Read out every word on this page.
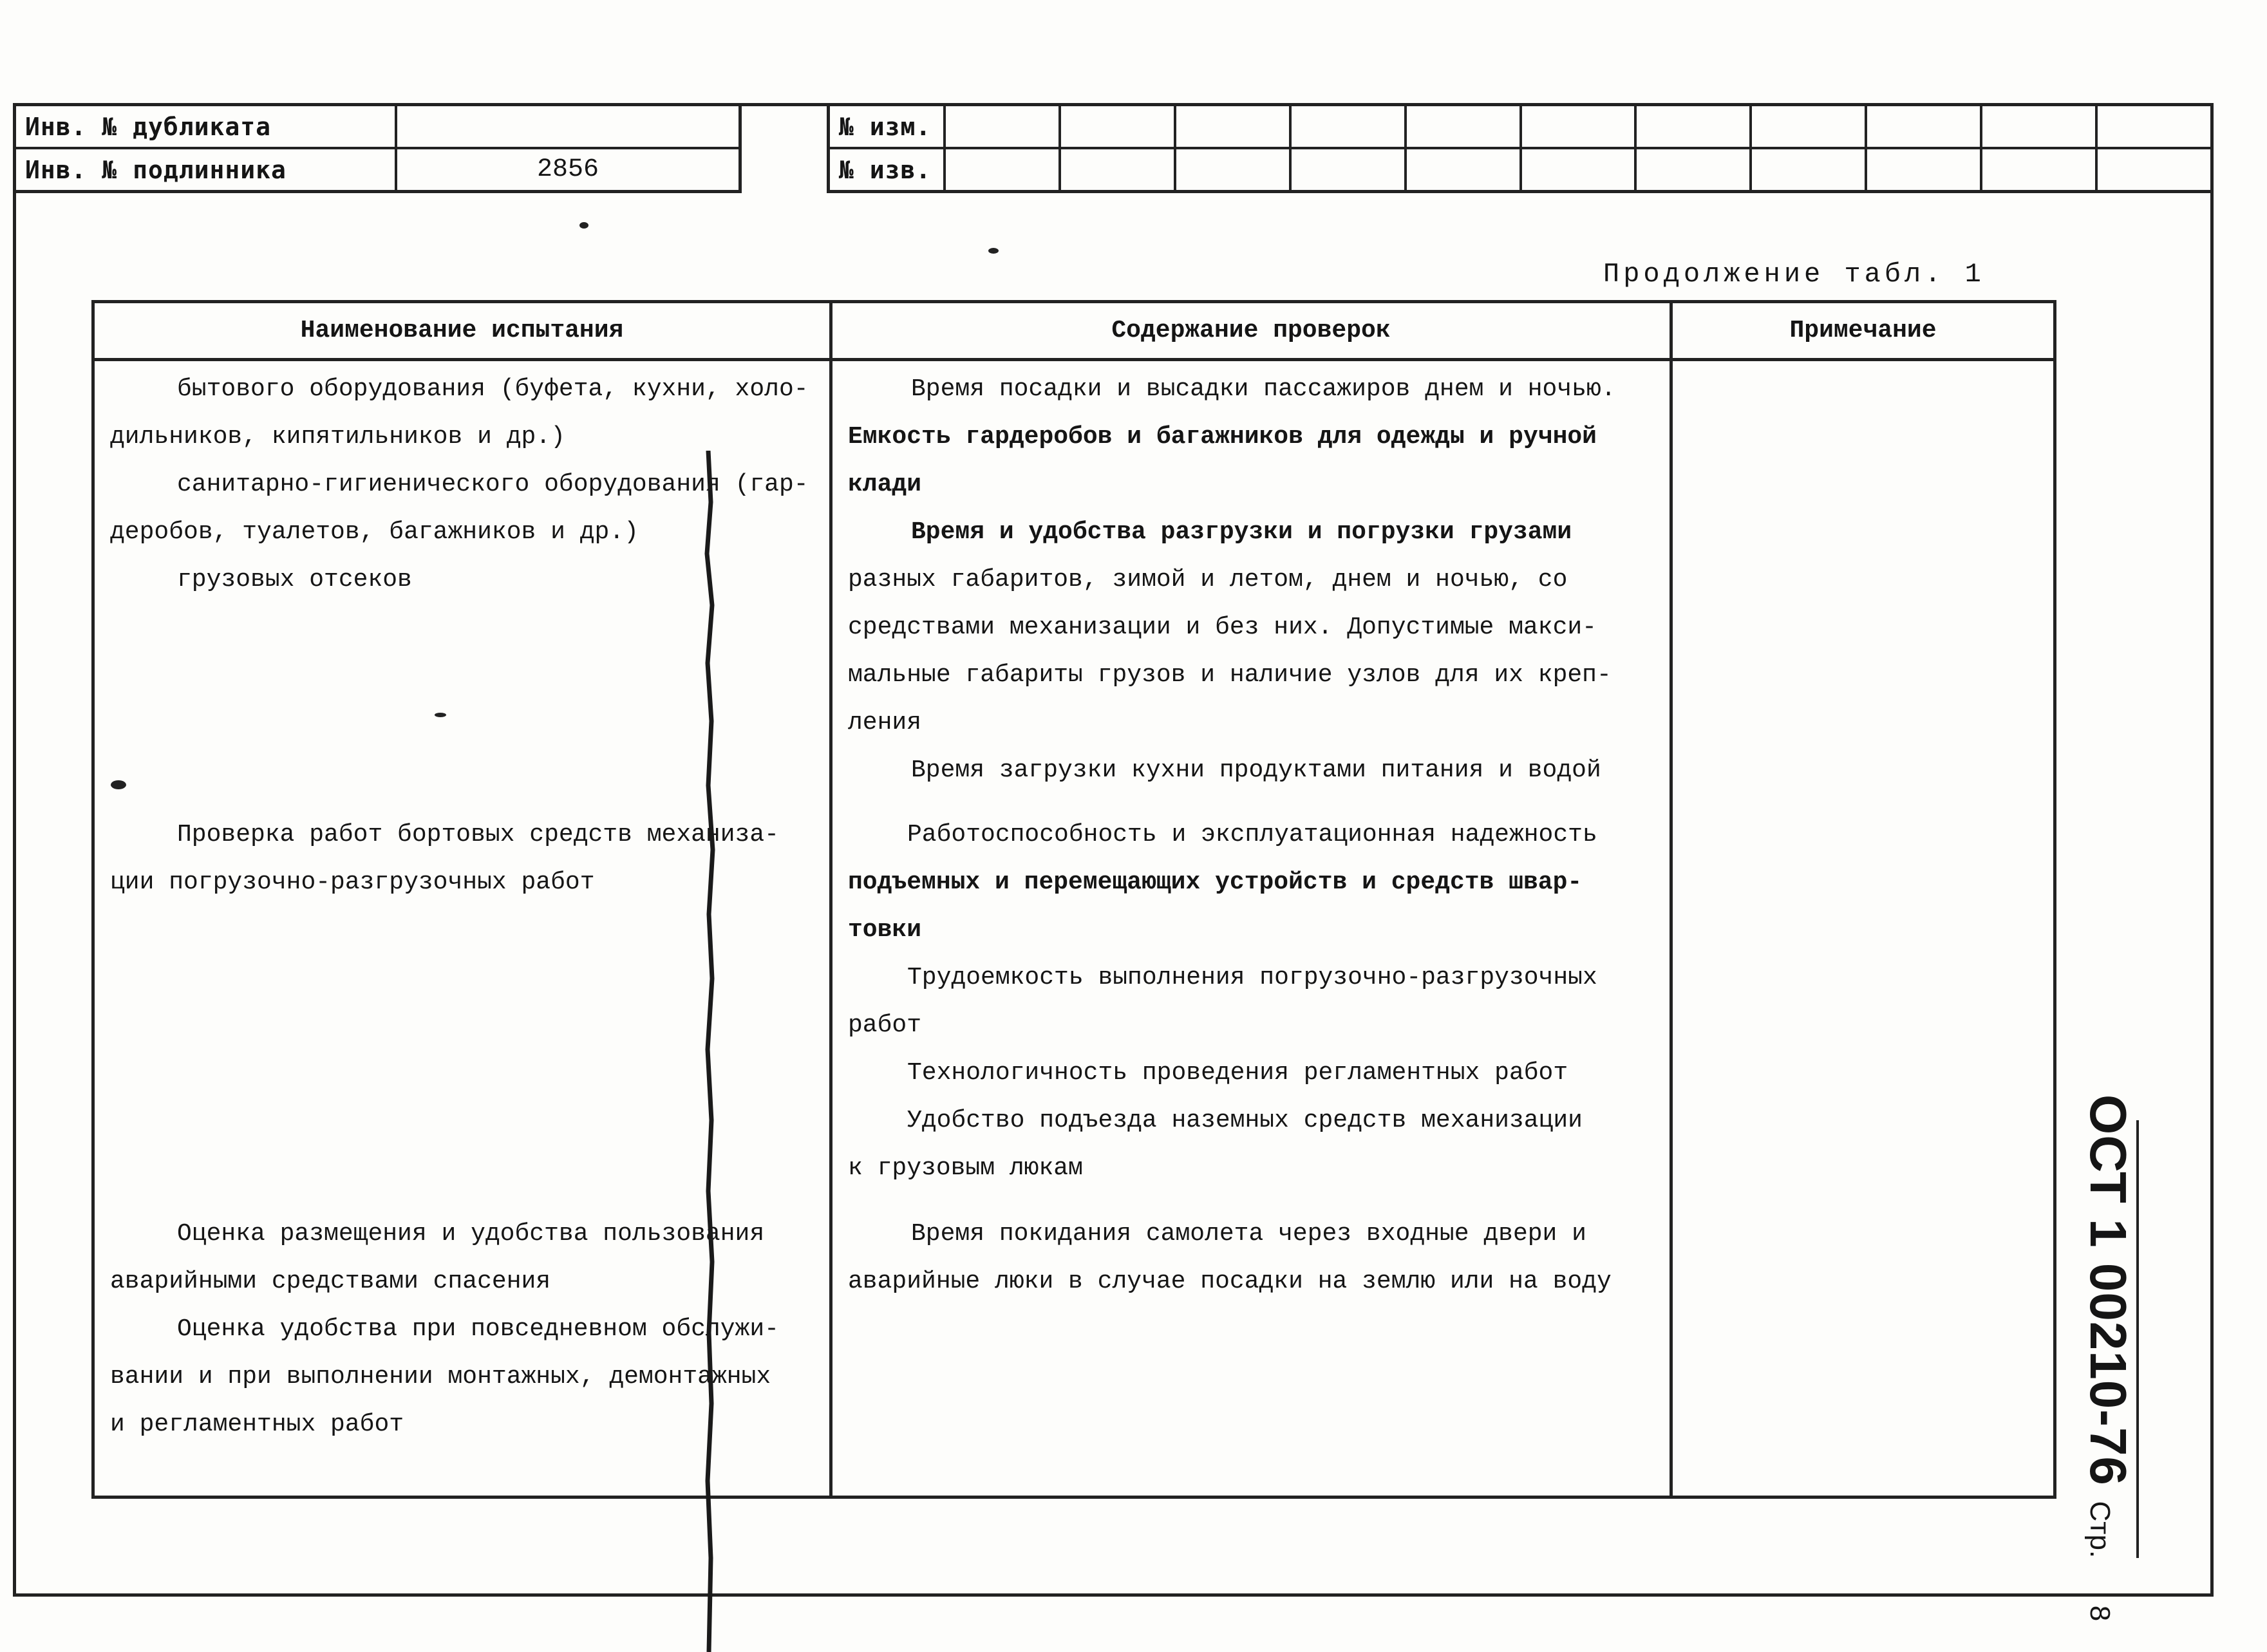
Инв. № дубликата
Инв. № подлинника	2856
№ изм.
№ изв.
Продолжение табл. 1
Наименование испытания
бытового оборудования (буфета, кухни, холо-
дильников, кипятильников и др.)
санитарно-гигиенического оборудования (гар-
деробов, туалетов, багажников и др.)
грузовых отсеков
Проверка работ бортовых средств механиза-
ции погрузочно-разгрузочных работ
Оценка размещения и удобства пользования
аварийными средствами спасения
Оценка удобства при повседневном обслужи-
вании и при выполнении монтажных, демонтажных
и регламентных работ
Содержание проверок
Время посадки и высадки пассажиров днем и ночью.
Емкость гардеробов и багажников для одежды и ручной
клади
Время и удобства разгрузки и погрузки грузами
разных габаритов, зимой и летом, днем и ночью, со
средствами механизации и без них. Допустимые макси-
мальные габариты грузов и наличие узлов для их креп-
ления
Время загрузки кухни продуктами питания и водой
Работоспособность и эксплуатационная надежность
подъемных и перемещающих устройств и средств швар-
товки
Трудоемкость выполнения погрузочно-разгрузочных
работ
Технологичность проведения регламентных работ
Удобство подъезда наземных средств механизации
к грузовым люкам
Время покидания самолета через входные двери и
аварийные люки в случае посадки на землю или на воду
Примечание
ОСТ 1 00210-76 Стр. 8
